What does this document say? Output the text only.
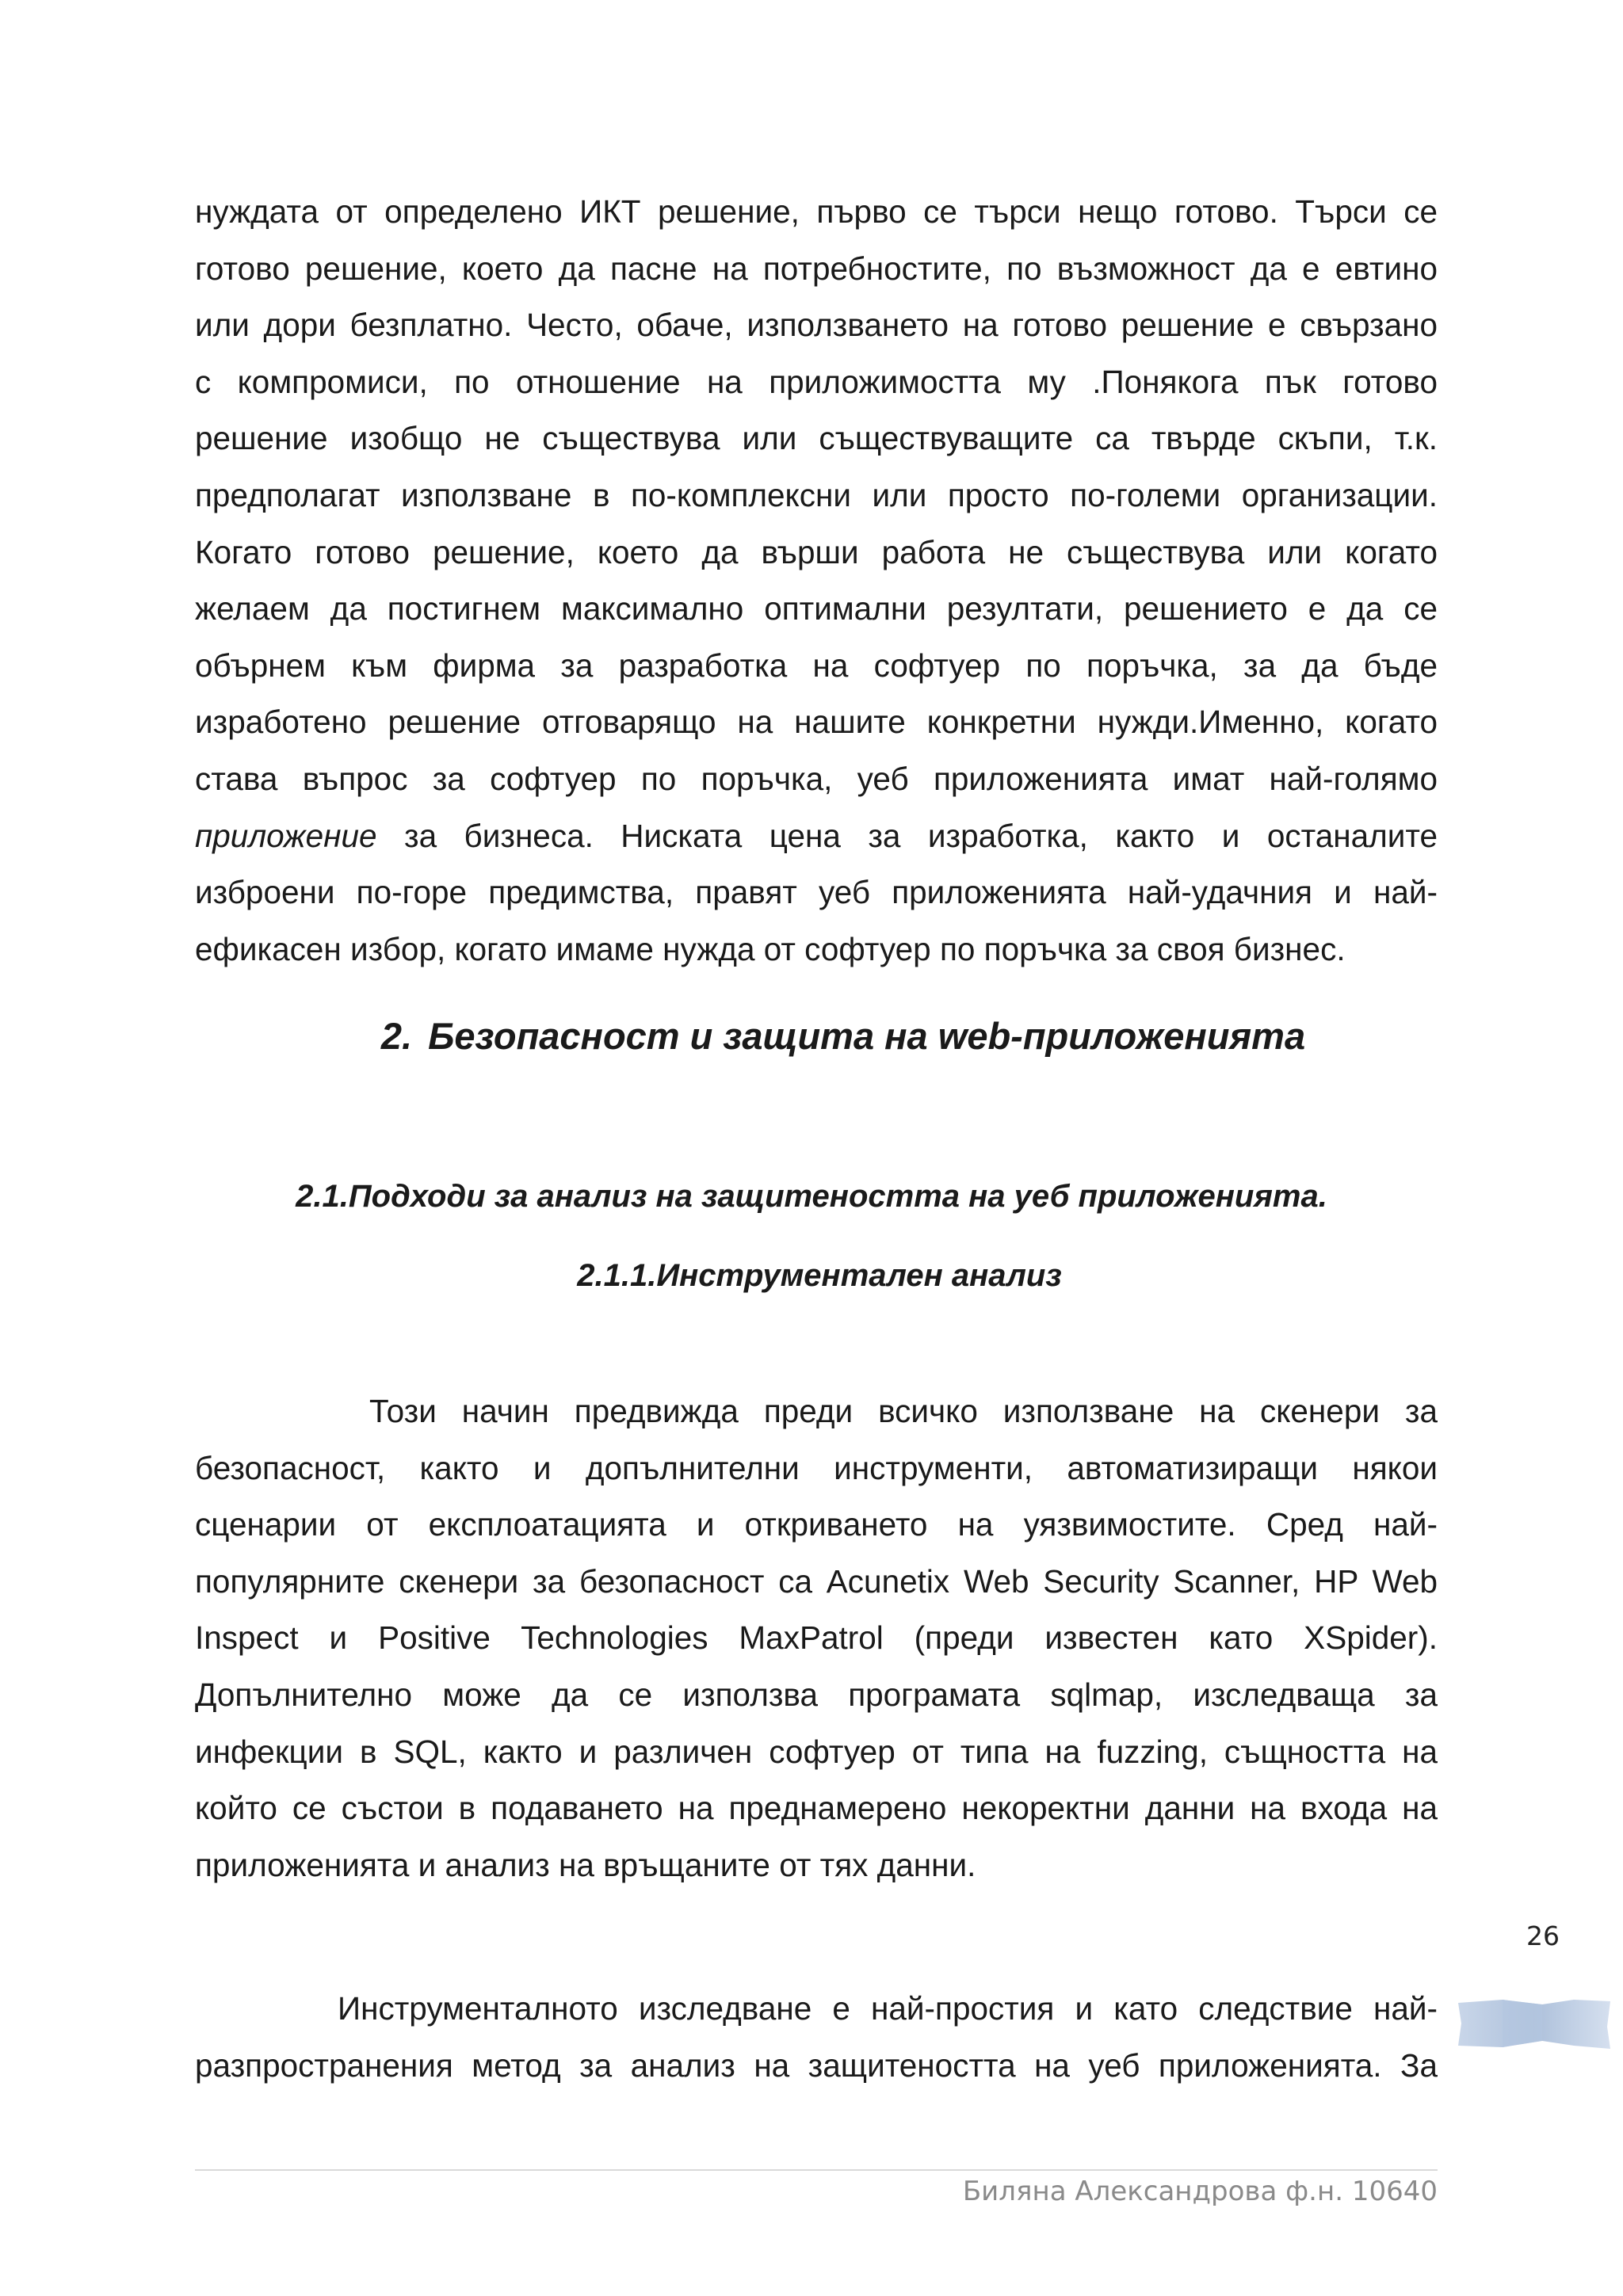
нуждата от определено ИКТ решение, първо се търси нещо готово. Търси се
готово решение, което да пасне на потребностите, по възможност да е евтино
или дори безплатно. Често, обаче, използването на готово решение е свързано
с компромиси, по отношение на приложимостта му .Понякога пък готово
решение изобщо не съществува или съществуващите са твърде скъпи, т.к.
предполагат използване в по-комплексни или просто по-големи организации.
Когато готово решение, което да върши работа не съществува или когато
желаем да постигнем максимално оптимални резултати, решението е да се
обърнем към фирма за разработка на софтуер по поръчка, за да бъде
изработено решение отговарящо на нашите конкретни нужди.Именно, когато
става въпрос за софтуер по поръчка, уеб приложенията имат най-голямо
приложение за бизнеса. Ниската цена за изработка, както и останалите
изброени по-горе предимства, правят уеб приложенията най-удачния и най-
ефикасен избор, когато имаме нужда от софтуер по поръчка за своя бизнес.
2. Безопасност и защита на web-приложенията
2.1.Подходи за анализ на защитеността на уеб приложенията.
2.1.1.Инструментален анализ
Този начин предвижда преди всичко използване на скенери за
безопасност, както и допълнителни инструменти, автоматизиращи някои
сценарии от експлоатацията и откриването на уязвимостите. Сред най-
популярните скенери за безопасност са Acunetix Web Security Scanner, HP Web
Inspect и Positive Technologies MaxPatrol (преди известен като XSpider).
Допълнително може да се използва програмата sqlmap, изследваща за
инфекции в SQL, както и различен софтуер от типа на fuzzing, същността на
който се състои в подаването на преднамерено некоректни данни на входа на
приложенията и анализ на връщаните от тях данни.
Инструменталното изследване е най-простия и като следствие най-
разпространения метод за анализ на защитеността на уеб приложенията. За
26
Биляна Александрова ф.н. 10640
